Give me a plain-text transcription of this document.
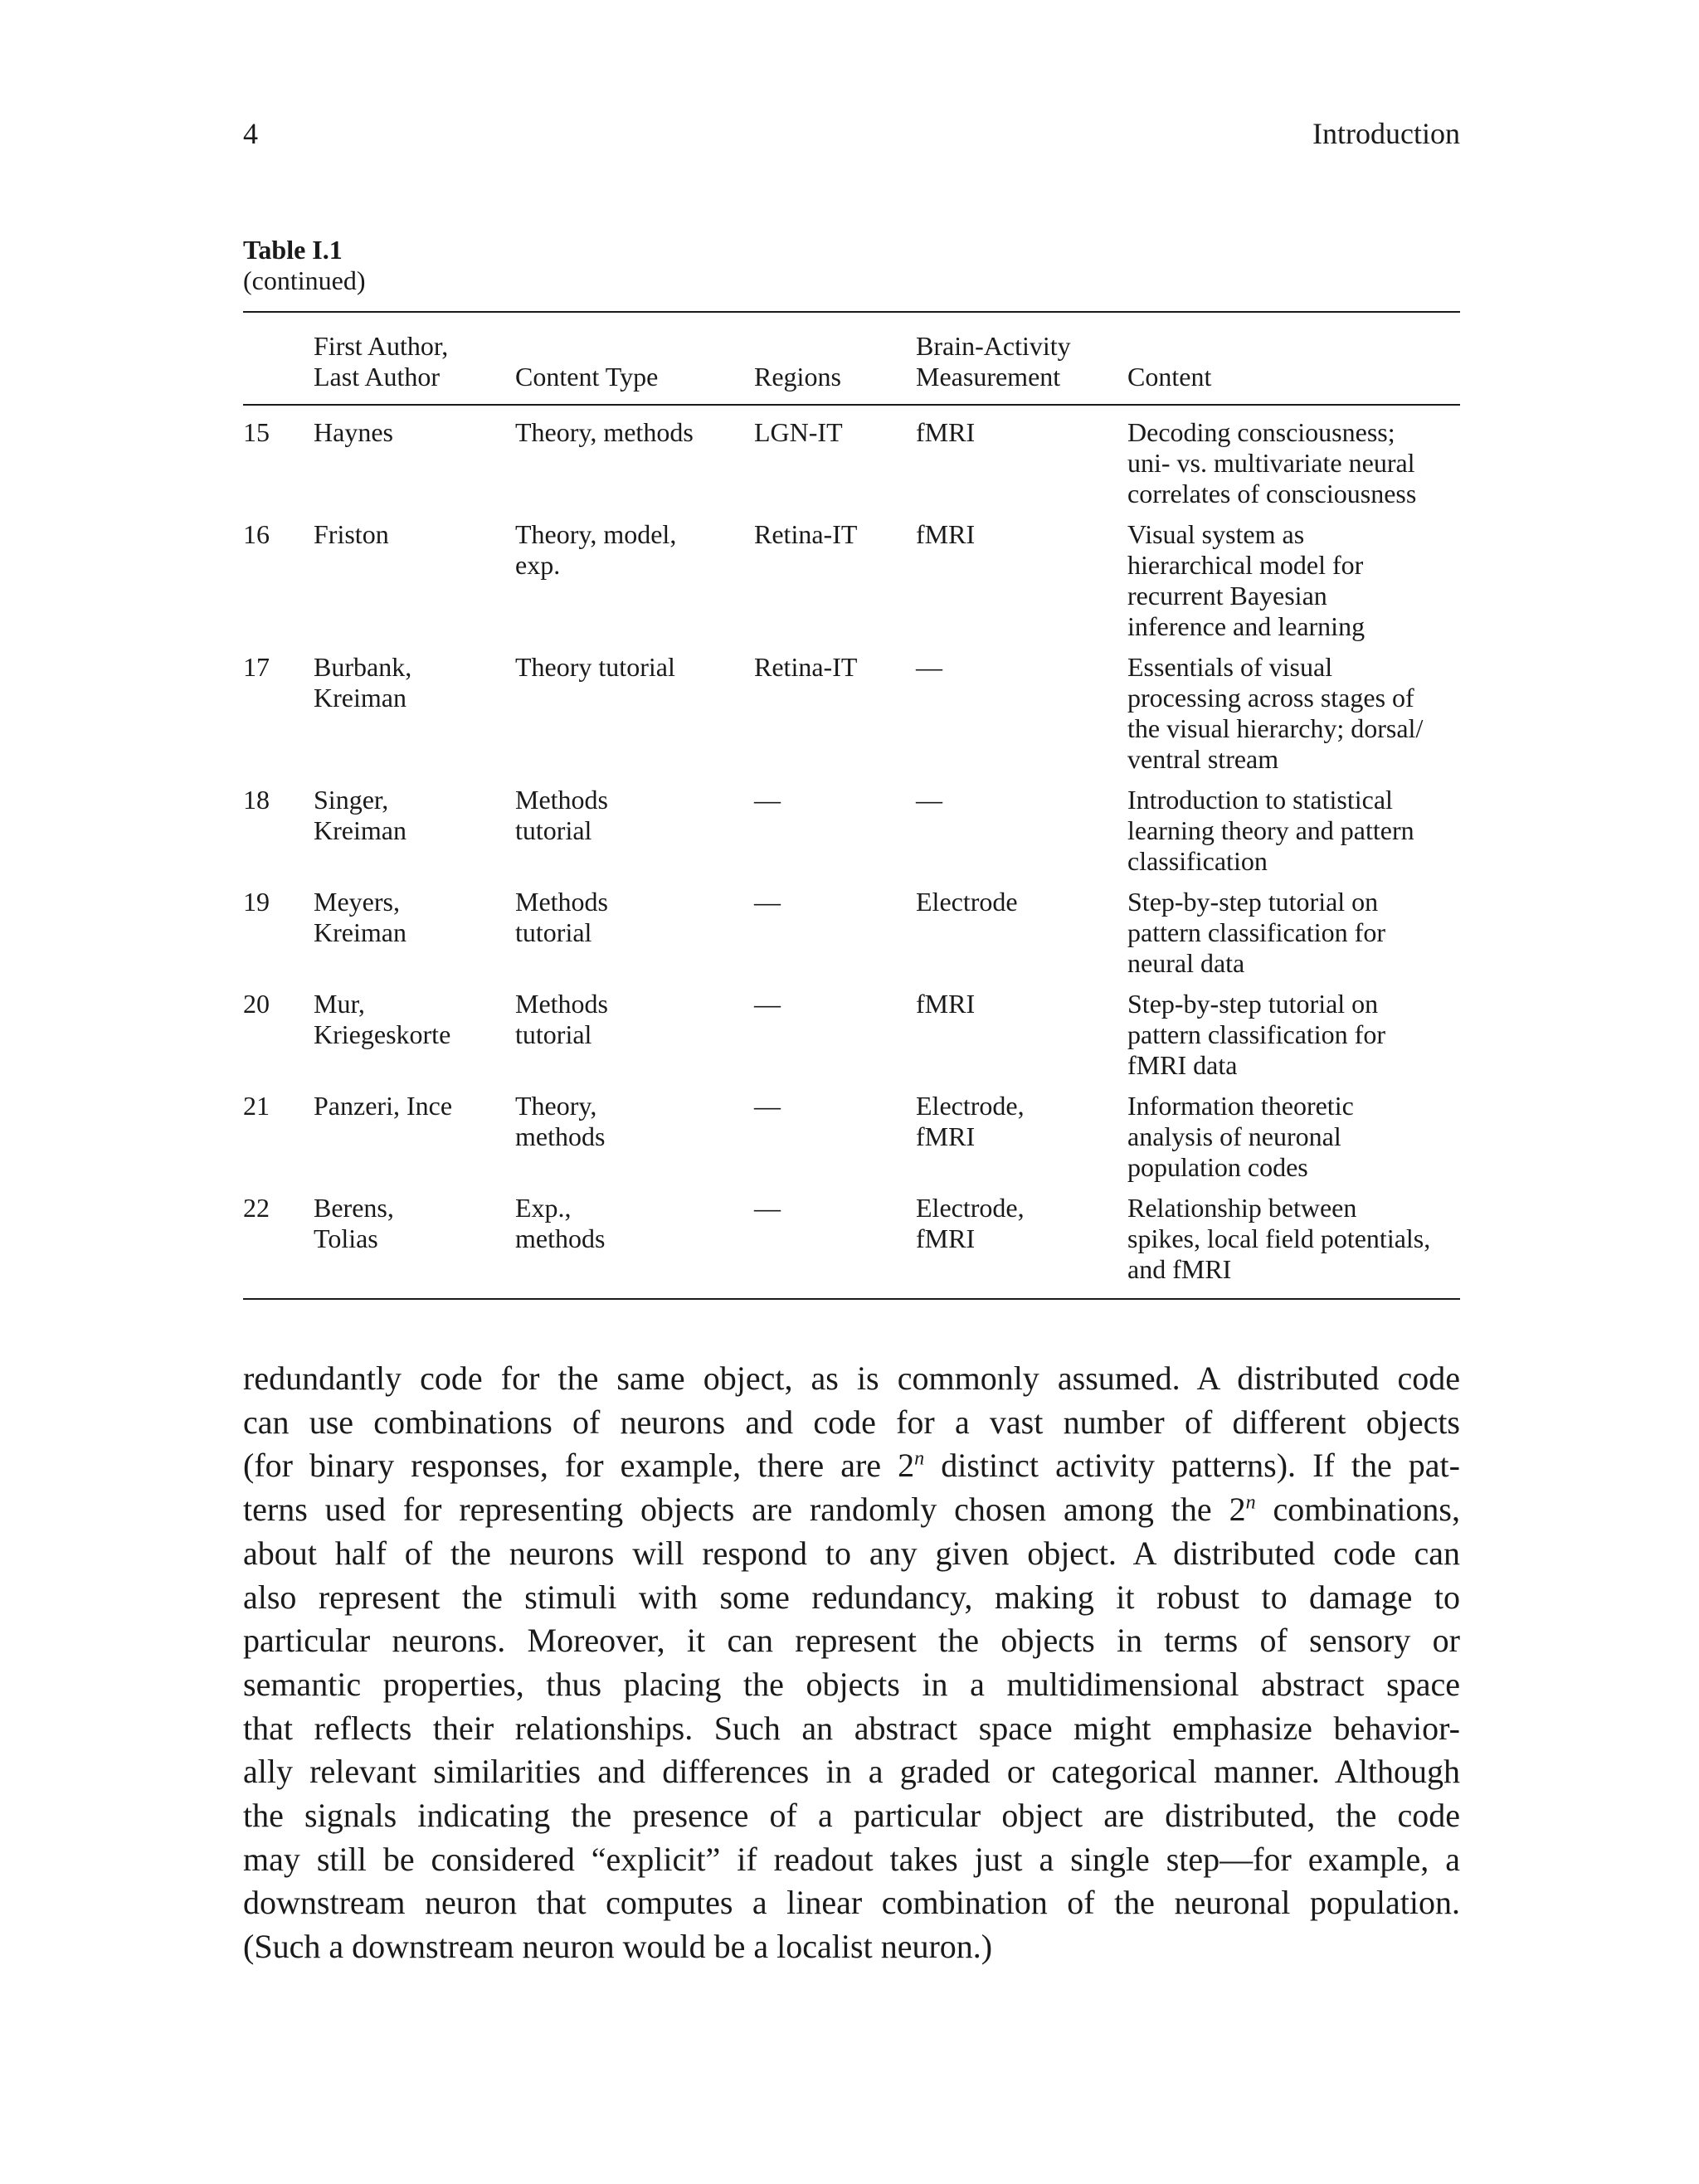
4	Introduction
Table I.1
(continued)

	First Author,
Last Author	Content Type	Regions	Brain-Activity
Measurement	Content
15	Haynes	Theory, methods	LGN-IT	fMRI	Decoding consciousness;
uni- vs. multivariate neural
correlates of consciousness

16	Friston	Theory, model,
exp.	Retina-IT	fMRI	Visual system as
hierarchical model for
recurrent Bayesian
inference and learning

17	Burbank,
Kreiman	Theory tutorial	Retina-IT	—	Essentials of visual
processing across stages of
the visual hierarchy; dorsal/
ventral stream

18	Singer,
Kreiman	Methods
tutorial	—	—	Introduction to statistical
learning theory and pattern
classification

19	Meyers,
Kreiman	Methods
tutorial	—	Electrode	Step-by-step tutorial on
pattern classification for
neural data

20	Mur,
Kriegeskorte	Methods
tutorial	—	fMRI	Step-by-step tutorial on
pattern classification for
fMRI data

21	Panzeri, Ince	Theory,
methods	—	Electrode,
fMRI	Information theoretic
analysis of neuronal
population codes

22	Berens,
Tolias	Exp.,
methods	—	Electrode,
fMRI	Relationship between
spikes, local field potentials,
and fMRI
redundantly code for the same object, as is commonly assumed. A distributed code
can use combinations of neurons and code for a vast number of different objects
(for binary responses, for example, there are 2$^n$ distinct activity patterns). If the pat-
terns used for representing objects are randomly chosen among the 2$^n$ combinations,
about half of the neurons will respond to any given object. A distributed code can
also represent the stimuli with some redundancy, making it robust to damage to
particular neurons. Moreover, it can represent the objects in terms of sensory or
semantic properties, thus placing the objects in a multidimensional abstract space
that reflects their relationships. Such an abstract space might emphasize behavior-
ally relevant similarities and differences in a graded or categorical manner. Although
the signals indicating the presence of a particular object are distributed, the code
may still be considered “explicit” if readout takes just a single step—for example, a
downstream neuron that computes a linear combination of the neuronal population.
(Such a downstream neuron would be a localist neuron.)
